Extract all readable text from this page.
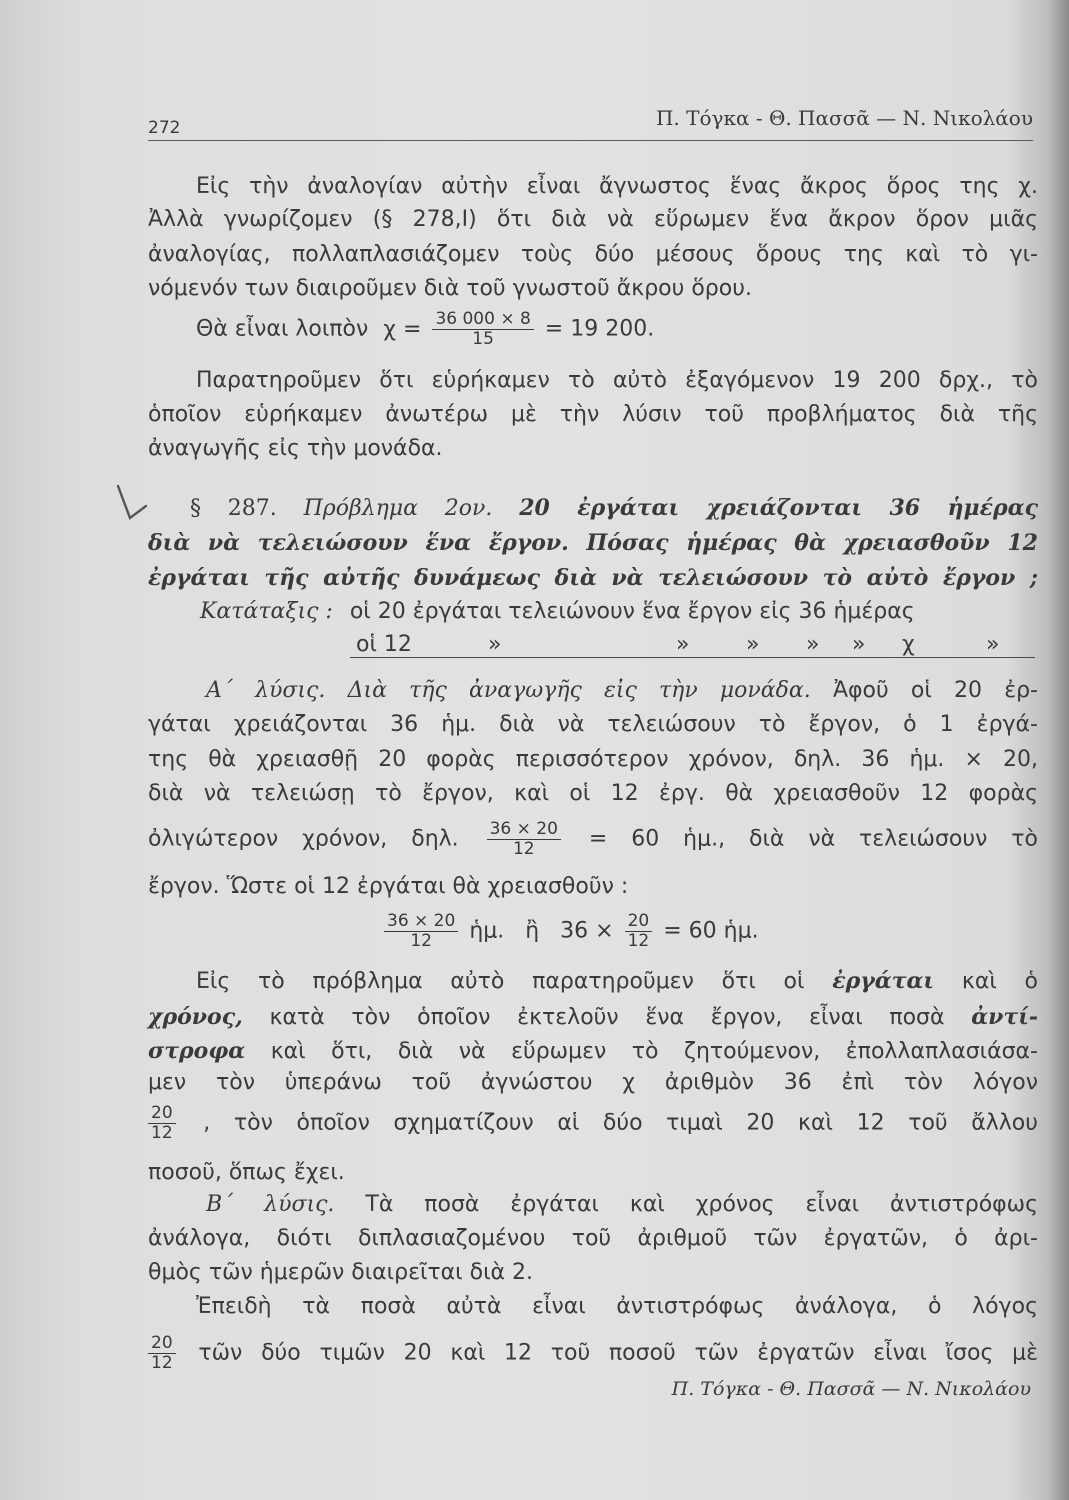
272	Π. Τόγκα - Θ. Πασσᾶ — Ν. Νικολάου
Εἰς τὴν ἀναλογίαν αὐτὴν εἶναι ἄγνωστος ἕνας ἄκρος ὅρος της χ.
Ἀλλὰ γνωρίζομεν (§ 278,Ι) ὅτι διὰ νὰ εὕρωμεν ἕνα ἄκρον ὅρον μιᾶς
ἀναλογίας, πολλαπλασιάζομεν τοὺς δύο μέσους ὅρους της καὶ τὸ γι-
νόμενόν των διαιροῦμεν διὰ τοῦ γνωστοῦ ἄκρου ὅρου.
Θὰ εἶναι λοιπὸν $\chi = \frac{36 000 \times 8}{15} = 19$ 200.
Παρατηροῦμεν ὅτι εὑρήκαμεν τὸ αὐτὸ ἐξαγόμενον 19 200 δρχ., τὸ
ὁποῖον εὑρήκαμεν ἀνωτέρω μὲ τὴν λύσιν τοῦ προβλήματος διὰ τῆς
ἀναγωγῆς εἰς τὴν μονάδα.
§ 287. Πρόβλημα 2ον. 20 ἐργάται χρειάζονται 36 ἡμέρας
διὰ νὰ τελειώσουν ἕνα ἔργον. Πόσας ἡμέρας θὰ χρειασθοῦν 12
ἐργάται τῆς αὐτῆς δυνάμεως διὰ νὰ τελειώσουν τὸ αὐτὸ ἔργον ;
Κατάταξις : οἱ 20 ἐργάται τελειώνουν ἕνα ἔργον εἰς 36 ἡμέρας
οἱ 12	»	»	» » » χ	»
Α΄ λύσις. Διὰ τῆς ἀναγωγῆς εἰς τὴν μονάδα. Ἀφοῦ οἱ 20 ἐρ-
γάται χρειάζονται 36 ἡμ. διὰ νὰ τελειώσουν τὸ ἔργον, ὁ 1 ἐργά-
της θὰ χρειασθῇ 20 φορὰς περισσότερον χρόνον, δηλ. 36 ἡμ. × 20,
διὰ νὰ τελειώσῃ τὸ ἔργον, καὶ οἱ 12 ἐργ. θὰ χρειασθοῦν 12 φορὰς
ὀλιγώτερον χρόνον, δηλ. $\frac{36 \times 20}{12} = 60$ ἡμ., διὰ νὰ τελειώσουν τὸ
ἔργον. Ὥστε οἱ 12 ἐργάται θὰ χρειασθοῦν :
$\frac{36 \times 20}{12}$ ἡμ.   ἢ   $36 \times \frac{20}{12} = 60$ ἡμ.
Εἰς τὸ πρόβλημα αὐτὸ παρατηροῦμεν ὅτι οἱ ἐργάται καὶ ὁ
χρόνος, κατὰ τὸν ὁποῖον ἐκτελοῦν ἕνα ἔργον, εἶναι ποσὰ ἀντί-
στροφα καὶ ὅτι, διὰ νὰ εὕρωμεν τὸ ζητούμενον, ἐπολλαπλασιάσα-
μεν τὸν ὑπεράνω τοῦ ἀγνώστου χ ἀριθμὸν 36 ἐπὶ τὸν λόγον
$\frac{20}{12}$ , τὸν ὁποῖον σχηματίζουν αἱ δύο τιμαὶ 20 καὶ 12 τοῦ ἄλλου
ποσοῦ, ὅπως ἔχει.
Β΄ λύσις. Τὰ ποσὰ ἐργάται καὶ χρόνος εἶναι ἀντιστρόφως
ἀνάλογα, διότι διπλασιαζομένου τοῦ ἀριθμοῦ τῶν ἐργατῶν, ὁ ἀρι-
θμὸς τῶν ἡμερῶν διαιρεῖται διὰ 2.
Ἐπειδὴ τὰ ποσὰ αὐτὰ εἶναι ἀντιστρόφως ἀνάλογα, ὁ λόγος
$\frac{20}{12}$ τῶν δύο τιμῶν 20 καὶ 12 τοῦ ποσοῦ τῶν ἐργατῶν εἶναι ἴσος μὲ
Π. Τόγκα - Θ. Πασσᾶ — Ν. Νικολάου
